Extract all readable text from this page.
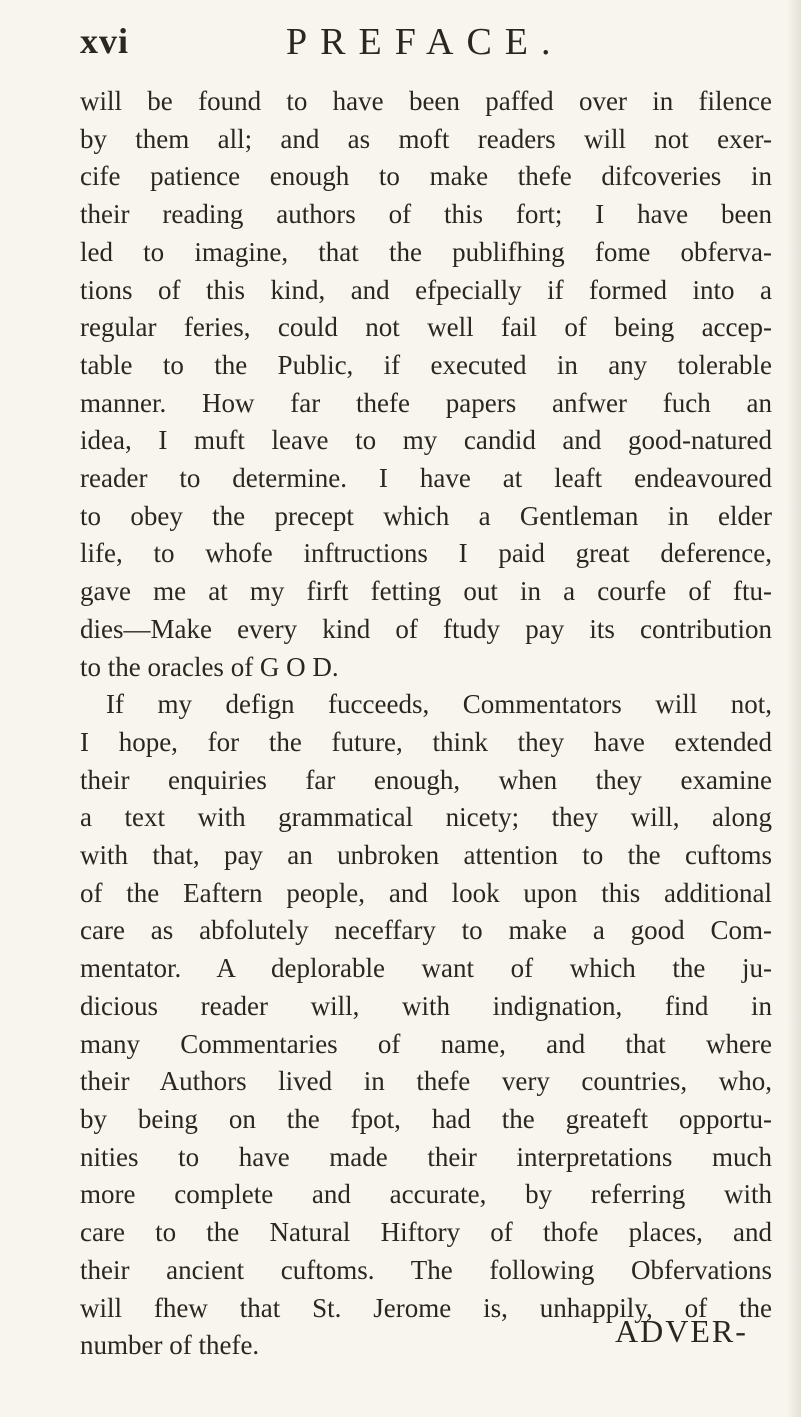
xvi	PREFACE.
will be found to have been paffed over in filence
by them all; and as moft readers will not exer-
cife patience enough to make thefe difcoveries in
their reading authors of this fort; I have been
led to imagine, that the publifhing fome obferva-
tions of this kind, and efpecially if formed into a
regular feries, could not well fail of being accep-
table to the Public, if executed in any tolerable
manner. How far thefe papers anfwer fuch an
idea, I muft leave to my candid and good-natured
reader to determine. I have at leaft endeavoured
to obey the precept which a Gentleman in elder
life, to whofe inftructions I paid great deference,
gave me at my firft fetting out in a courfe of ftu-
dies—Make every kind of ftudy pay its contribution
to the oracles of G O D.
If my defign fucceeds, Commentators will not,
I hope, for the future, think they have extended
their enquiries far enough, when they examine
a text with grammatical nicety; they will, along
with that, pay an unbroken attention to the cuftoms
of the Eaftern people, and look upon this additional
care as abfolutely neceffary to make a good Com-
mentator. A deplorable want of which the ju-
dicious reader will, with indignation, find in
many Commentaries of name, and that where
their Authors lived in thefe very countries, who,
by being on the fpot, had the greateft opportu-
nities to have made their interpretations much
more complete and accurate, by referring with
care to the Natural Hiftory of thofe places, and
their ancient cuftoms. The following Obfervations
will fhew that St. Jerome is, unhappily, of the
number of thefe.	ADVER-
